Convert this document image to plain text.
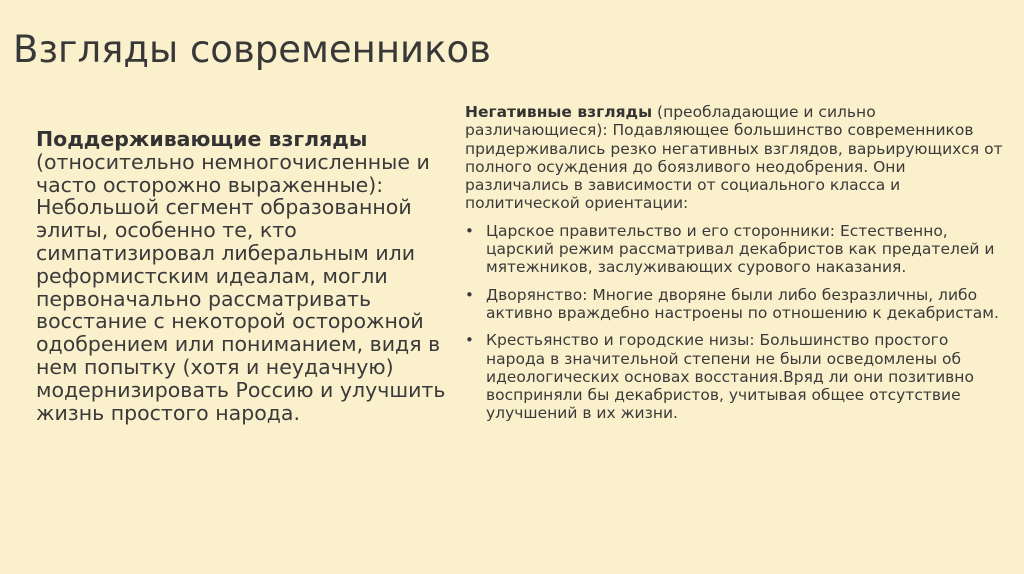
Взгляды современников

Поддерживающие взгляды (относительно немногочисленные и часто осторожно выраженные): Небольшой сегмент образованной элиты, особенно те, кто симпатизировал либеральным или реформистским идеалам, могли первоначально рассматривать восстание с некоторой осторожной одобрением или пониманием, видя в нем попытку (хотя и неудачную) модернизировать Россию и улучшить жизнь простого народа.

Негативные взгляды (преобладающие и сильно различающиеся): Подавляющее большинство современников придерживались резко негативных взглядов, варьирующихся от полного осуждения до боязливого неодобрения. Они различались в зависимости от социального класса и политической ориентации:

• Царское правительство и его сторонники: Естественно, царский режим рассматривал декабристов как предателей и мятежников, заслуживающих сурового наказания.
• Дворянство: Многие дворяне были либо безразличны, либо активно враждебно настроены по отношению к декабристам.
• Крестьянство и городские низы: Большинство простого народа в значительной степени не были осведомлены об идеологических основах восстания.Вряд ли они позитивно восприняли бы декабристов, учитывая общее отсутствие улучшений в их жизни.
